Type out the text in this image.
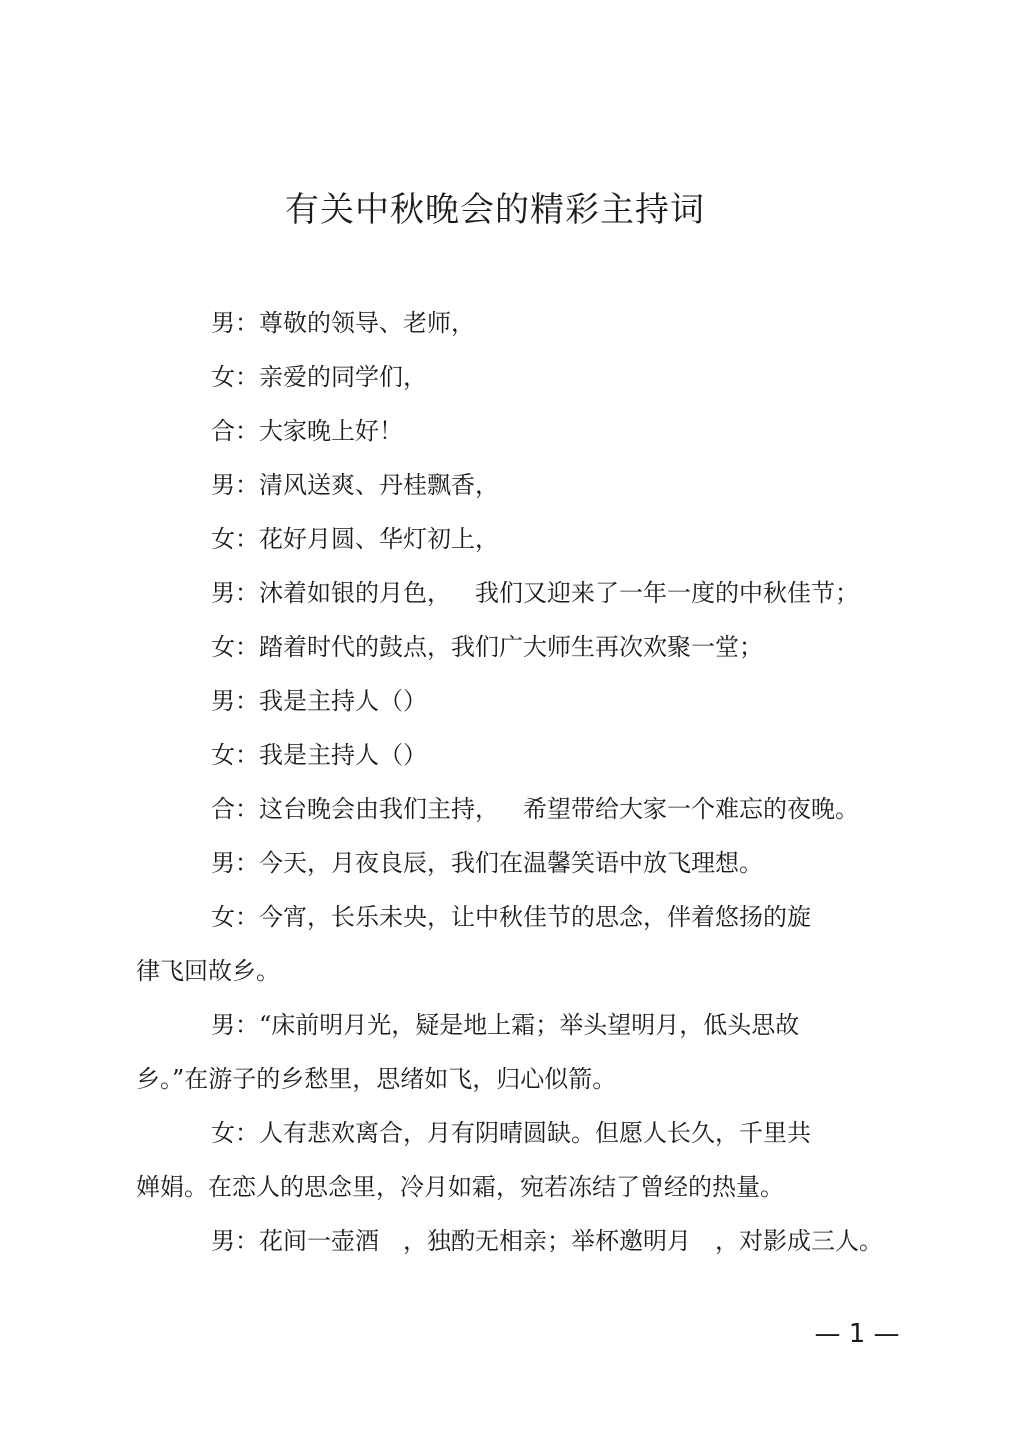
有关中秋晚会的精彩主持词

男：尊敬的领导、老师，

女：亲爱的同学们，

合：大家晚上好！

男：清风送爽、丹桂飘香，

女：花好月圆、华灯初上，

男：沐着如银的月色， 我们又迎来了一年一度的中秋佳节；

女：踏着时代的鼓点，我们广大师生再次欢聚一堂；

男：我是主持人（）

女：我是主持人（）

合：这台晚会由我们主持， 希望带给大家一个难忘的夜晚。

男：今天，月夜良辰，我们在温馨笑语中放飞理想。

女：今宵，长乐未央，让中秋佳节的思念，伴着悠扬的旋

律飞回故乡。

男：“床前明月光，疑是地上霜；举头望明月，低头思故

乡。”在游子的乡愁里，思绪如飞，归心似箭。

女：人有悲欢离合，月有阴晴圆缺。但愿人长久，千里共

婵娟。在恋人的思念里，冷月如霜，宛若冻结了曾经的热量。

男：花间一壶酒 ，独酌无相亲；举杯邀明月 ，对影成三人。

— 1 —
